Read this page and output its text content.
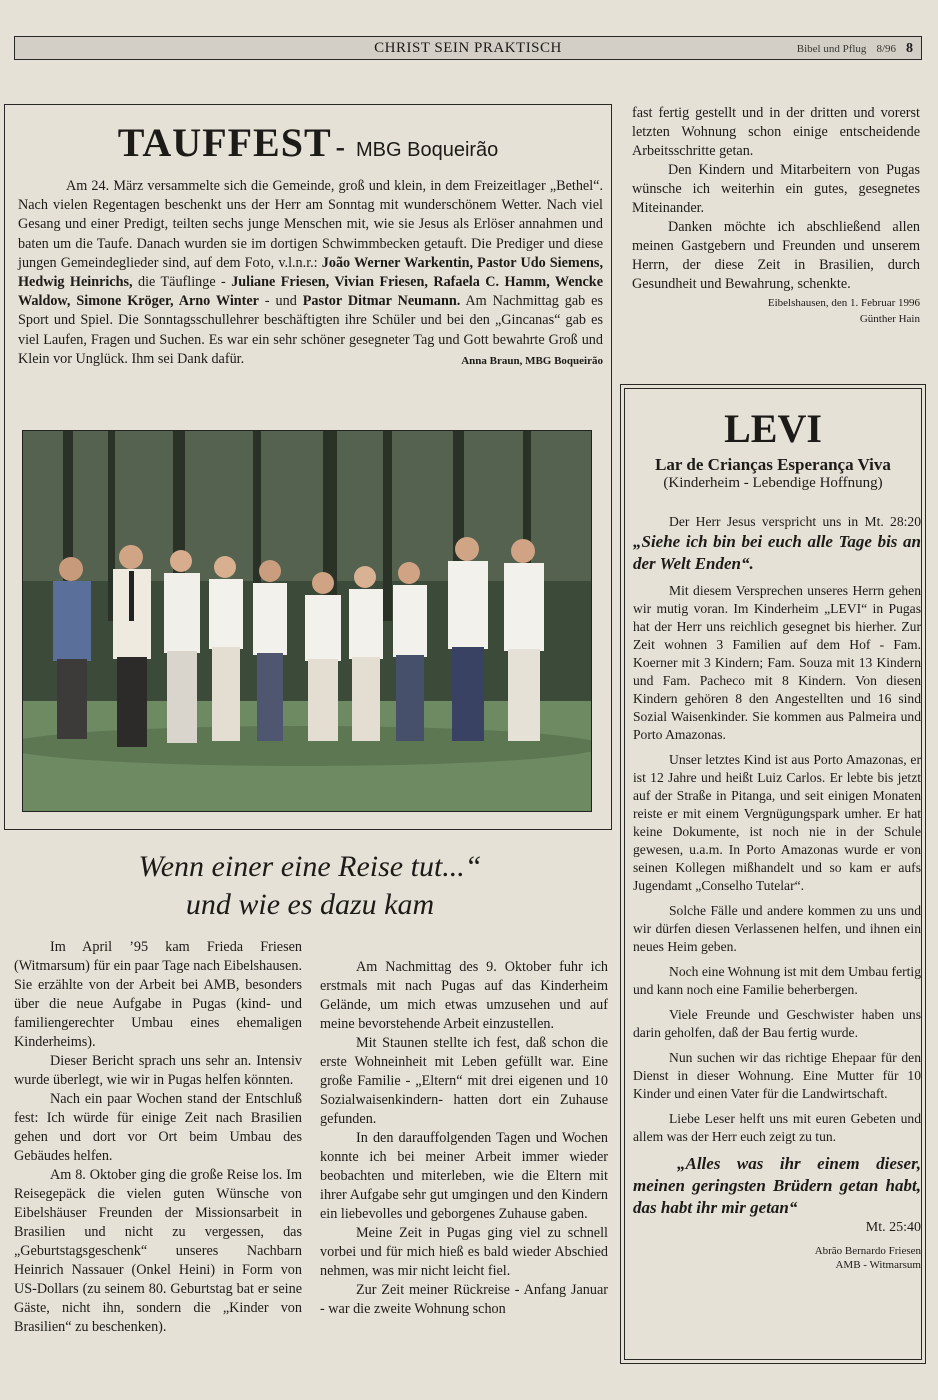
CHRIST SEIN PRAKTISCH	Bibel und Pflug 8/96 8
TAUFFEST - MBG Boqueirão
Am 24. März versammelte sich die Gemeinde, groß und klein, in dem Freizeitlager „Bethel“. Nach vielen Regentagen beschenkt uns der Herr am Sonntag mit wunderschönem Wetter. Nach viel Gesang und einer Predigt, teilten sechs junge Menschen mit, wie sie Jesus als Erlöser annahmen und baten um die Taufe. Danach wurden sie im dortigen Schwimmbecken getauft. Die Prediger und diese jungen Gemeindeglieder sind, auf dem Foto, v.l.n.r.: João Werner Warkentin, Pastor Udo Siemens, Hedwig Heinrichs, die Täuflinge - Juliane Friesen, Vivian Friesen, Rafaela C. Hamm, Wencke Waldow, Simone Kröger, Arno Winter - und Pastor Ditmar Neumann. Am Nachmittag gab es Sport und Spiel. Die Sonntagsschullehrer beschäftigten ihre Schüler und bei den „Gincanas“ gab es viel Laufen, Fragen und Suchen. Es war ein sehr schöner gesegneter Tag und Gott bewahrte Groß und Klein vor Unglück. Ihm sei Dank dafür.	Anna Braun, MBG Boqueirão
Wenn einer eine Reise tut...“
und wie es dazu kam

Im April ’95 kam Frieda Friesen (Witmarsum) für ein paar Tage nach Eibelshausen. Sie erzählte von der Arbeit bei AMB, besonders über die neue Aufgabe in Pugas (kind- und familiengerechter Umbau eines ehemaligen Kinderheims).

Dieser Bericht sprach uns sehr an. Intensiv wurde überlegt, wie wir in Pugas helfen könnten.

Nach ein paar Wochen stand der Entschluß fest: Ich würde für einige Zeit nach Brasilien gehen und dort vor Ort beim Umbau des Gebäudes helfen.

Am 8. Oktober ging die große Reise los. Im Reisegepäck die vielen guten Wünsche von Eibelshäuser Freunden der Missionsarbeit in Brasilien und nicht zu vergessen, das „Geburtstagsgeschenk“ unseres Nachbarn Heinrich Nassauer (Onkel Heini) in Form von US-Dollars (zu seinem 80. Geburtstag bat er seine Gäste, nicht ihn, sondern die „Kinder von Brasilien“ zu beschenken).

Am Nachmittag des 9. Oktober fuhr ich erstmals mit nach Pugas auf das Kinderheim Gelände, um mich etwas umzusehen und auf meine bevorstehende Arbeit einzustellen.

Mit Staunen stellte ich fest, daß schon die erste Wohneinheit mit Leben gefüllt war. Eine große Familie - „Eltern“ mit drei eigenen und 10 Sozialwaisenkindern- hatten dort ein Zuhause gefunden.

In den darauffolgenden Tagen und Wochen konnte ich bei meiner Arbeit immer wieder beobachten und miterleben, wie die Eltern mit ihrer Aufgabe sehr gut umgingen und den Kindern ein liebevolles und geborgenes Zuhause gaben.

Meine Zeit in Pugas ging viel zu schnell vorbei und für mich hieß es bald wieder Abschied nehmen, was mir nicht leicht fiel.

Zur Zeit meiner Rückreise - Anfang Januar - war die zweite Wohnung schon

fast fertig gestellt und in der dritten und vorerst letzten Wohnung schon einige entscheidende Arbeitsschritte getan.

Den Kindern und Mitarbeitern von Pugas wünsche ich weiterhin ein gutes, gesegnetes Miteinander.

Danken möchte ich abschließend allen meinen Gastgebern und Freunden und unserem Herrn, der diese Zeit in Brasilien, durch Gesundheit und Bewahrung, schenkte.

Eibelshausen, den 1. Februar 1996
Günther Hain
LEVI
Lar de Crianças Esperança Viva
(Kinderheim - Lebendige Hoffnung)

Der Herr Jesus verspricht uns in Mt. 28:20 „Siehe ich bin bei euch alle Tage bis an der Welt Enden“.

Mit diesem Versprechen unseres Herrn gehen wir mutig voran. Im Kinderheim „LEVI“ in Pugas hat der Herr uns reichlich gesegnet bis hierher. Zur Zeit wohnen 3 Familien auf dem Hof - Fam. Koerner mit 3 Kindern; Fam. Souza mit 13 Kindern und Fam. Pacheco mit 8 Kindern. Von diesen Kindern gehören 8 den Angestellten und 16 sind Sozial Waisenkinder. Sie kommen aus Palmeira und Porto Amazonas.

Unser letztes Kind ist aus Porto Amazonas, er ist 12 Jahre und heißt Luiz Carlos. Er lebte bis jetzt auf der Straße in Pitanga, und seit einigen Monaten reiste er mit einem Vergnügungspark umher. Er hat keine Dokumente, ist noch nie in der Schule gewesen, u.a.m. In Porto Amazonas wurde er von seinen Kollegen mißhandelt und so kam er aufs Jugendamt „Conselho Tutelar“.

Solche Fälle und andere kommen zu uns und wir dürfen diesen Verlassenen helfen, und ihnen ein neues Heim geben.

Noch eine Wohnung ist mit dem Umbau fertig und kann noch eine Familie beherbergen.

Viele Freunde und Geschwister haben uns darin geholfen, daß der Bau fertig wurde.

Nun suchen wir das richtige Ehepaar für den Dienst in dieser Wohnung. Eine Mutter für 10 Kinder und einen Vater für die Landwirtschaft.

Liebe Leser helft uns mit euren Gebeten und allem was der Herr euch zeigt zu tun.

„Alles was ihr einem dieser, meinen geringsten Brüdern getan habt, das habt ihr mir getan“

Mt. 25:40

Abrão Bernardo Friesen
AMB - Witmarsum
